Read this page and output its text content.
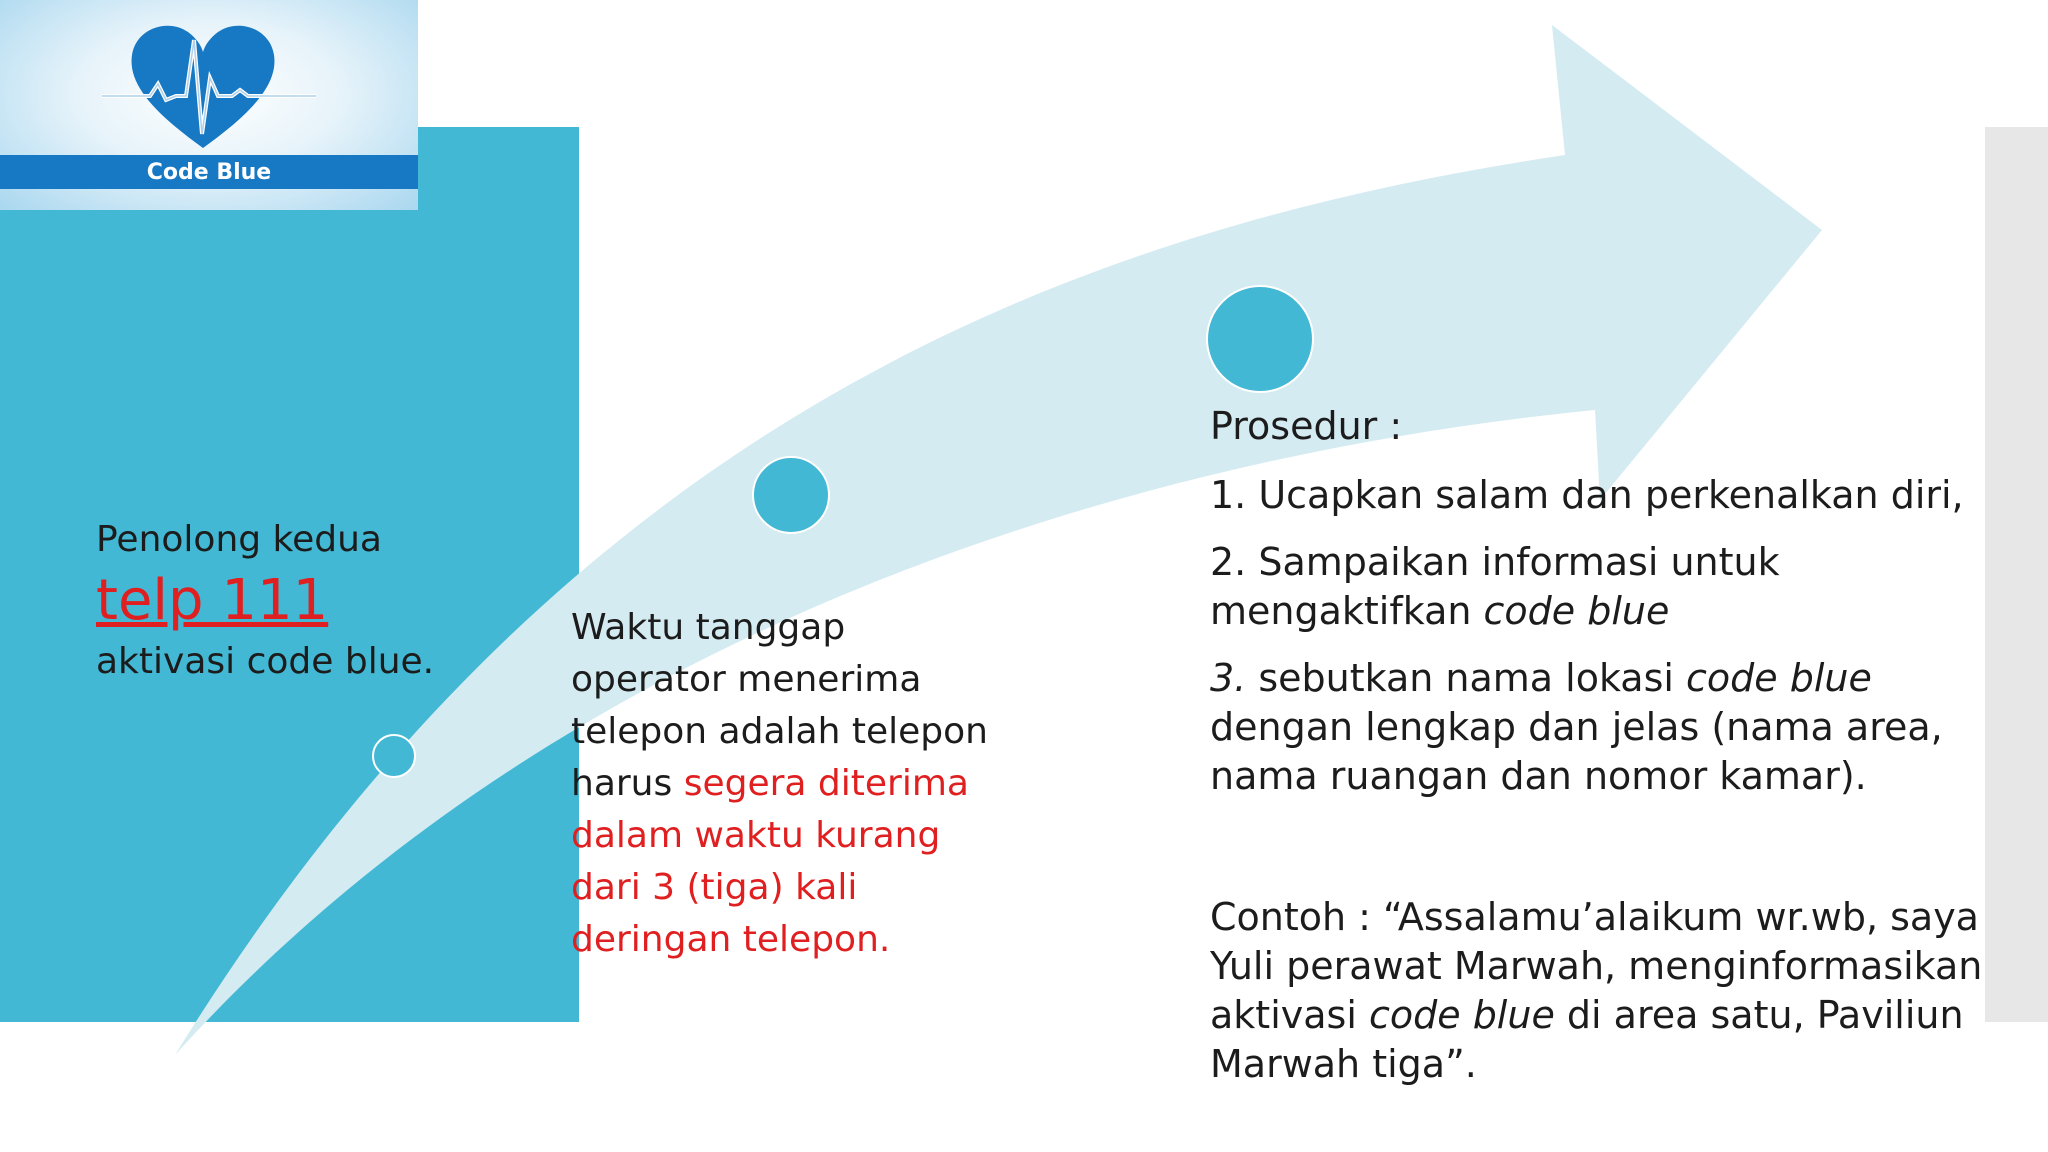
Code Blue
Penolong kedua
telp 111
aktivasi code blue.
Waktu tanggap operator menerima telepon adalah telepon harus segera diterima dalam waktu kurang dari 3 (tiga) kali deringan telepon.

Prosedur :

1. Ucapkan salam dan perkenalkan diri,

2. Sampaikan informasi untuk mengaktifkan code blue

3. sebutkan nama lokasi code blue dengan lengkap dan jelas (nama area, nama ruangan dan nomor kamar).

Contoh : “Assalamu’alaikum wr.wb, saya Yuli perawat Marwah, menginformasikan aktivasi code blue di area satu, Paviliun Marwah tiga”.
